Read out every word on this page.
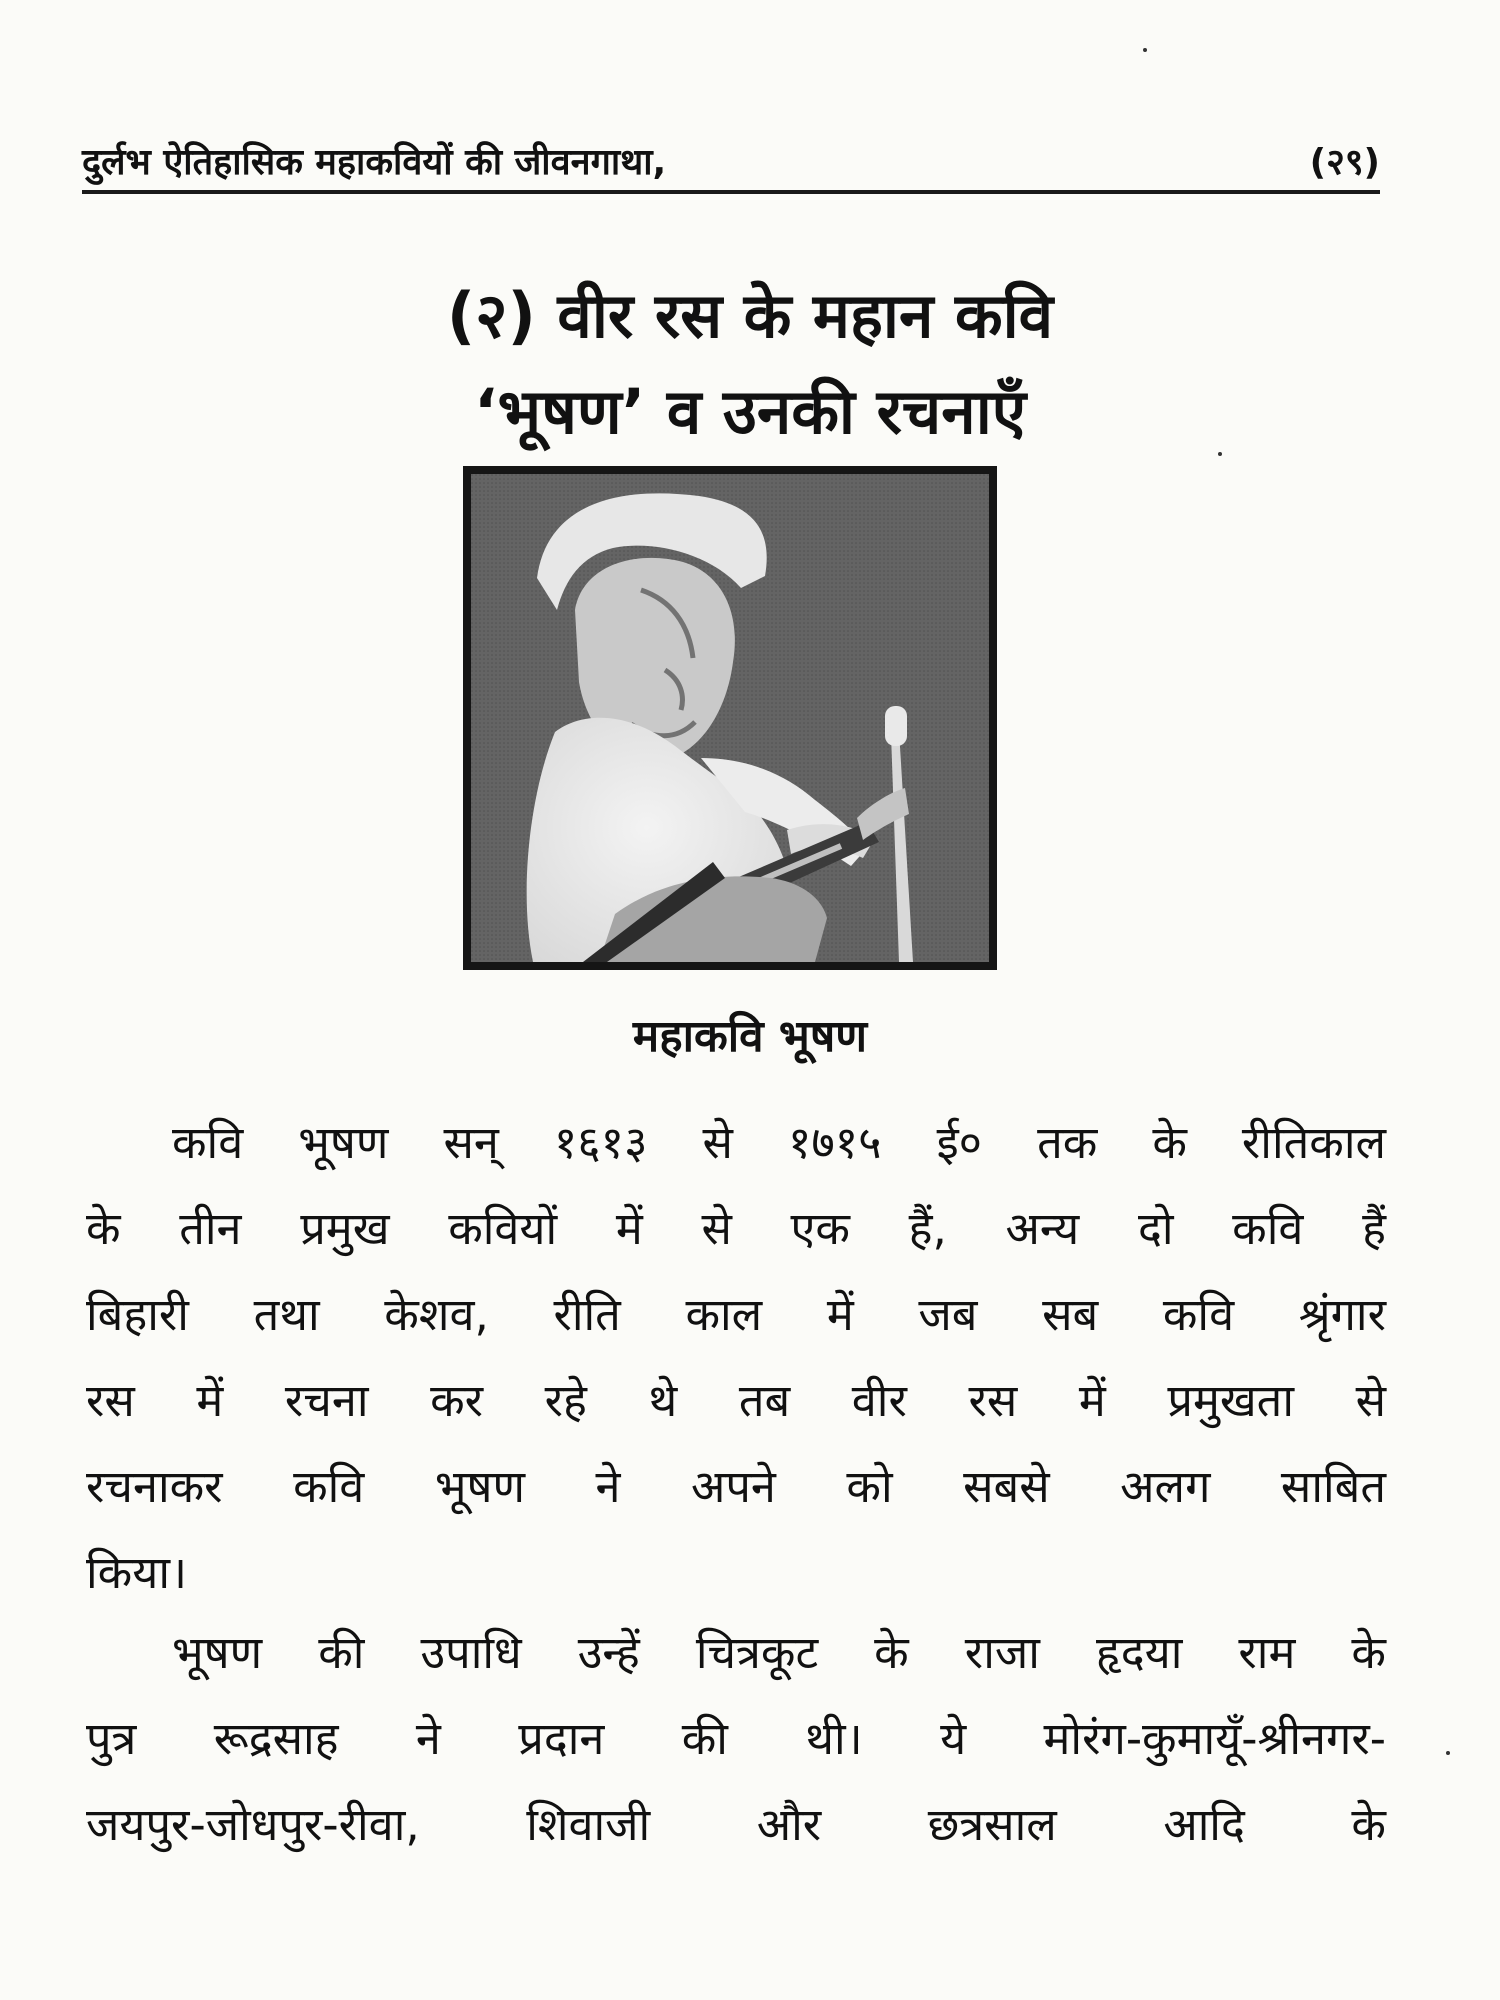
दुर्लभ ऐतिहासिक महाकवियों की जीवनगाथा,	(२९)
(२) वीर रस के महान कवि
‘भूषण’ व उनकी रचनाएँ
महाकवि भूषण
कवि भूषण सन् १६१३ से १७१५ ई० तक के रीतिकाल
के तीन प्रमुख कवियों में से एक हैं, अन्य दो कवि हैं
बिहारी तथा केशव, रीति काल में जब सब कवि श्रृंगार
रस में रचना कर रहे थे तब वीर रस में प्रमुखता से
रचनाकर कवि भूषण ने अपने को सबसे अलग साबित
किया।
भूषण की उपाधि उन्हें चित्रकूट के राजा हृदया राम के
पुत्र रूद्रसाह ने प्रदान की थी। ये मोरंग-कुमायूँ-श्रीनगर-
जयपुर-जोधपुर-रीवा, शिवाजी और छत्रसाल आदि के
